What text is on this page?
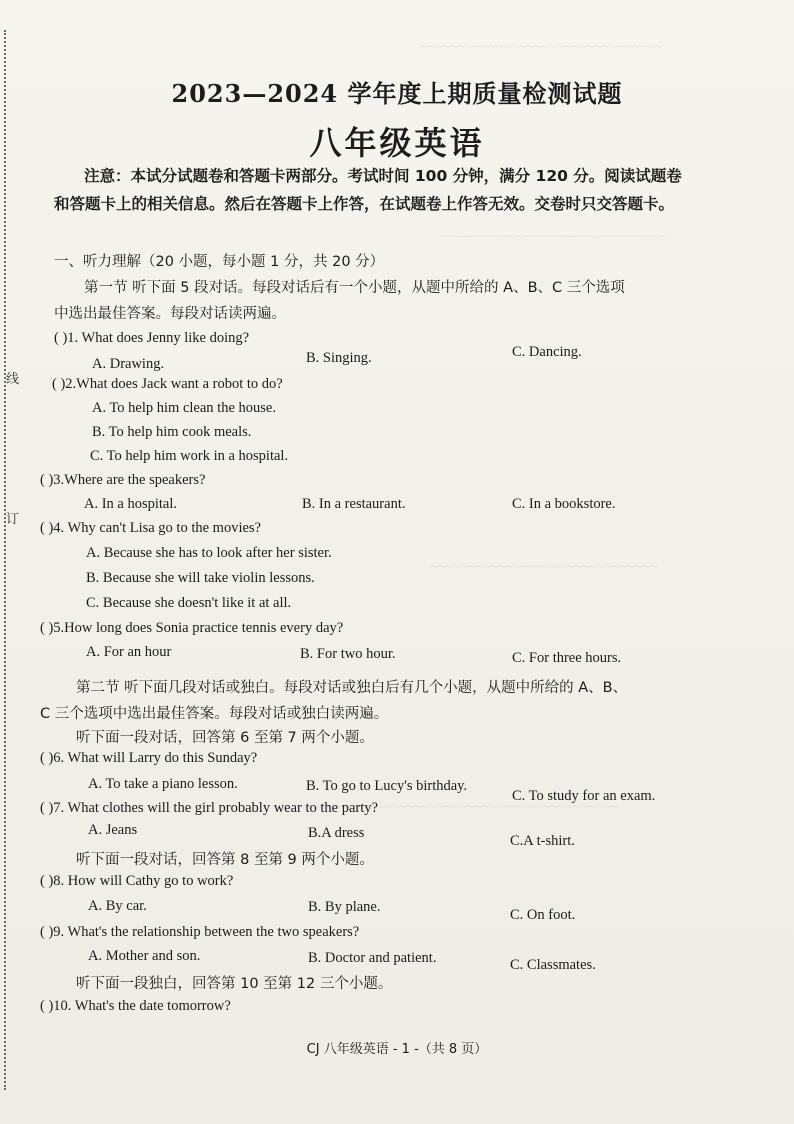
~~~~~~~~~~~~~~~~~~~~~~~~~~~~~~~~
~~~~~~~~~~~~~~~~~~~~~~~~~~~~~~
~~~~~~~~~~~~~~~~~~~~~~~~~~~~~~
~~~~~~~~~~~~~~~~~~~~~~~~~~~~~~~~~~~~~~~~~~
线
订
2023—2024 学年度上期质量检测试题
八年级英语
注意：本试分试题卷和答题卡两部分。考试时间 100 分钟，满分 120 分。阅读试题卷
和答题卡上的相关信息。然后在答题卡上作答，在试题卷上作答无效。交卷时只交答题卡。
一、听力理解（20 小题，每小题 1 分，共 20 分）
第一节 听下面 5 段对话。每段对话后有一个小题，从题中所给的 A、B、C 三个选项
中选出最佳答案。每段对话读两遍。
( )1. What does Jenny like doing?
A. Drawing.	B. Singing.	C. Dancing.
( )2.What does Jack want a robot to do?
A. To help him clean the house.
B. To help him cook meals.
C. To help him work in a hospital.
( )3.Where are the speakers?
A. In a hospital.	B. In a restaurant.	C. In a bookstore.
( )4. Why can't Lisa go to the movies?
A. Because she has to look after her sister.
B. Because she will take violin lessons.
C. Because she doesn't like it at all.
( )5.How long does Sonia practice tennis every day?
A. For an hour	B. For two hour.	C. For three hours.
第二节 听下面几段对话或独白。每段对话或独白后有几个小题，从题中所给的 A、B、
C 三个选项中选出最佳答案。每段对话或独白读两遍。
听下面一段对话，回答第 6 至第 7 两个小题。
( )6. What will Larry do this Sunday?
A. To take a piano lesson.	B. To go to Lucy's birthday.
C. To study for an exam.
( )7. What clothes will the girl probably wear to the party?
A. Jeans	B.A dress	C.A t-shirt.
听下面一段对话，回答第 8 至第 9 两个小题。
( )8. How will Cathy go to work?
A. By car.	B. By plane.	C. On foot.
( )9. What's the relationship between the two speakers?
A. Mother and son.	B. Doctor and patient.	C. Classmates.
听下面一段独白，回答第 10 至第 12 三个小题。
( )10. What's the date tomorrow?
CJ 八年级英语 - 1 -（共 8 页）
